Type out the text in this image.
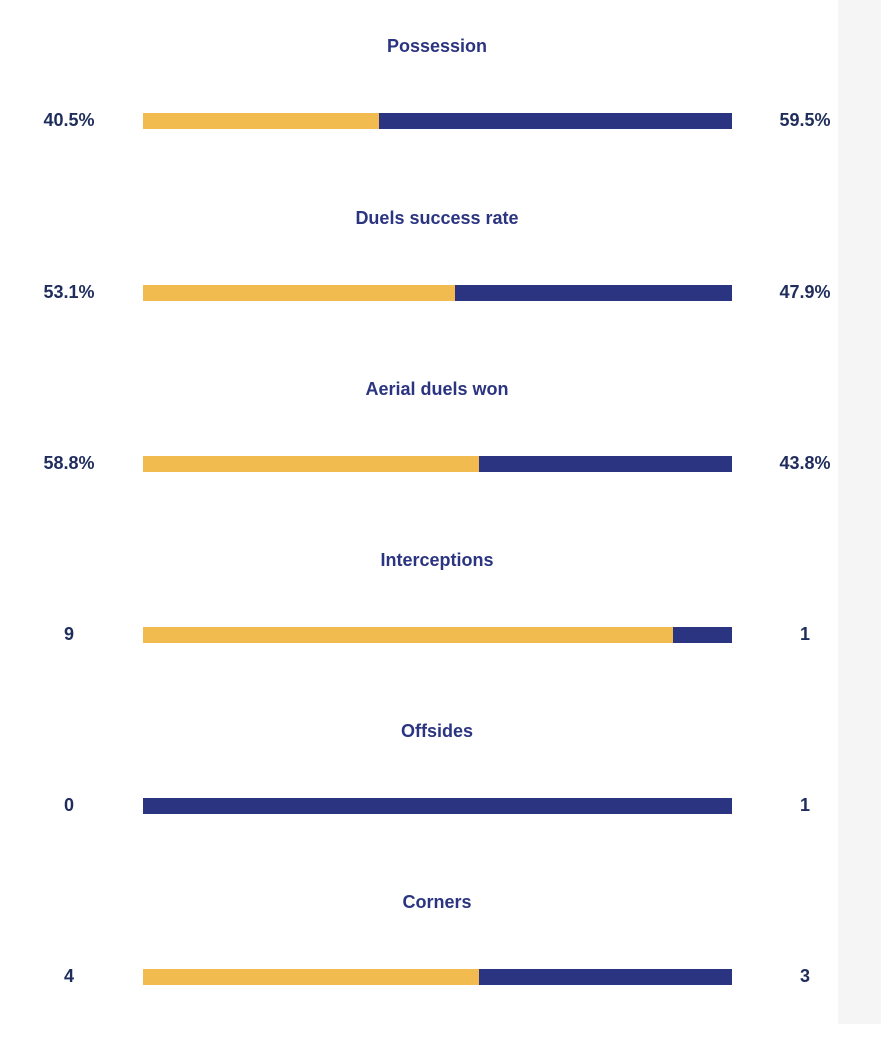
Possession
40.5%	59.5%
Duels success rate
53.1%	47.9%
Aerial duels won
58.8%	43.8%
Interceptions
9	1
Offsides
0	1
Corners
4	3
